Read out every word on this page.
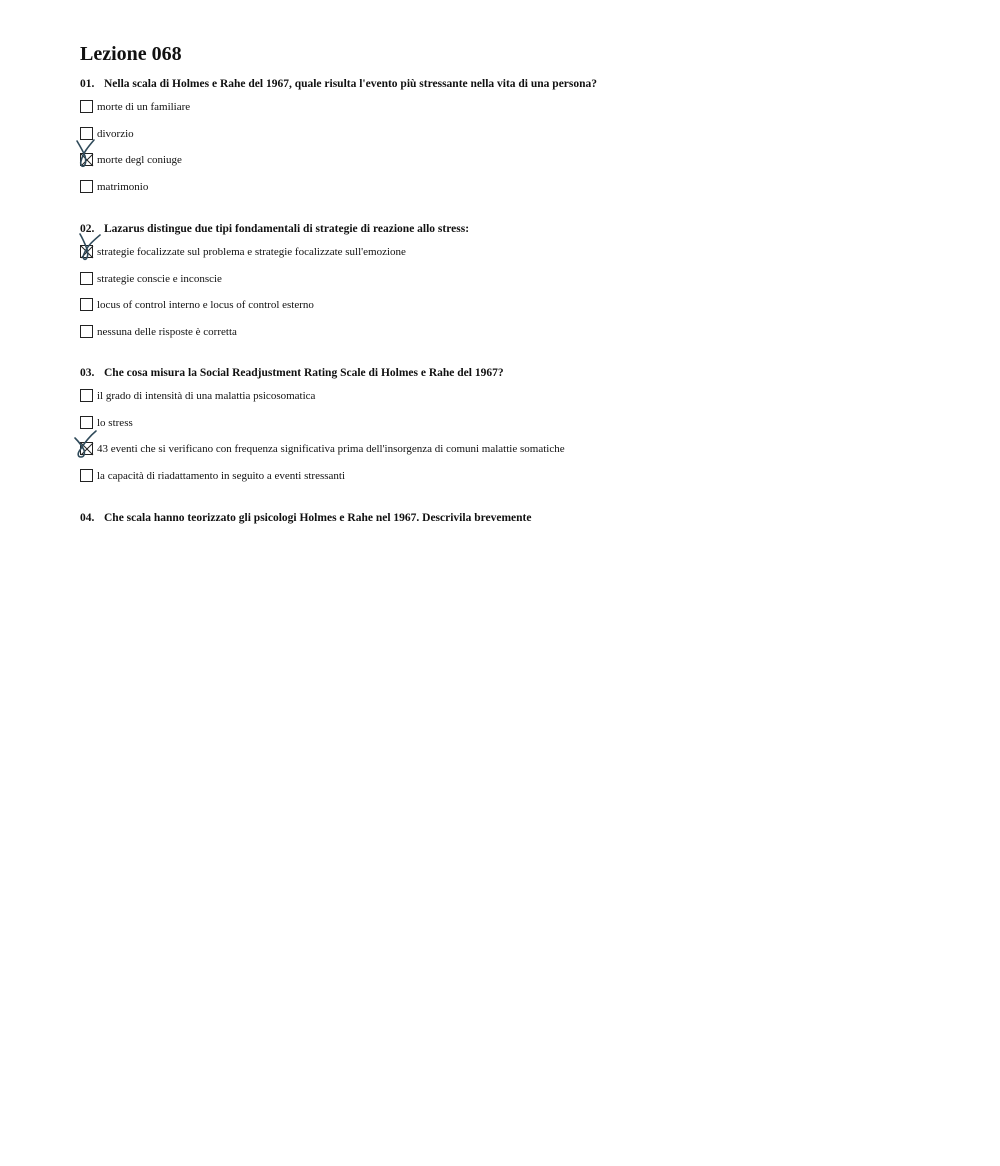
Lezione 068
01. Nella scala di Holmes e Rahe del 1967, quale risulta l'evento più stressante nella vita di una persona?
morte di un familiare
divorzio
morte degl coniuge
matrimonio
02. Lazarus distingue due tipi fondamentali di strategie di reazione allo stress:
strategie focalizzate sul problema e strategie focalizzate sull'emozione
strategie conscie e inconscie
locus of control interno e locus of control esterno
nessuna delle risposte è corretta
03. Che cosa misura la Social Readjustment Rating Scale di Holmes e Rahe del 1967?
il grado di intensità di una malattia psicosomatica
lo stress
43 eventi che si verificano con frequenza significativa prima dell'insorgenza di comuni malattie somatiche
la capacità di riadattamento in seguito a eventi stressanti
04. Che scala hanno teorizzato gli psicologi Holmes e Rahe nel 1967. Descrivila brevemente
